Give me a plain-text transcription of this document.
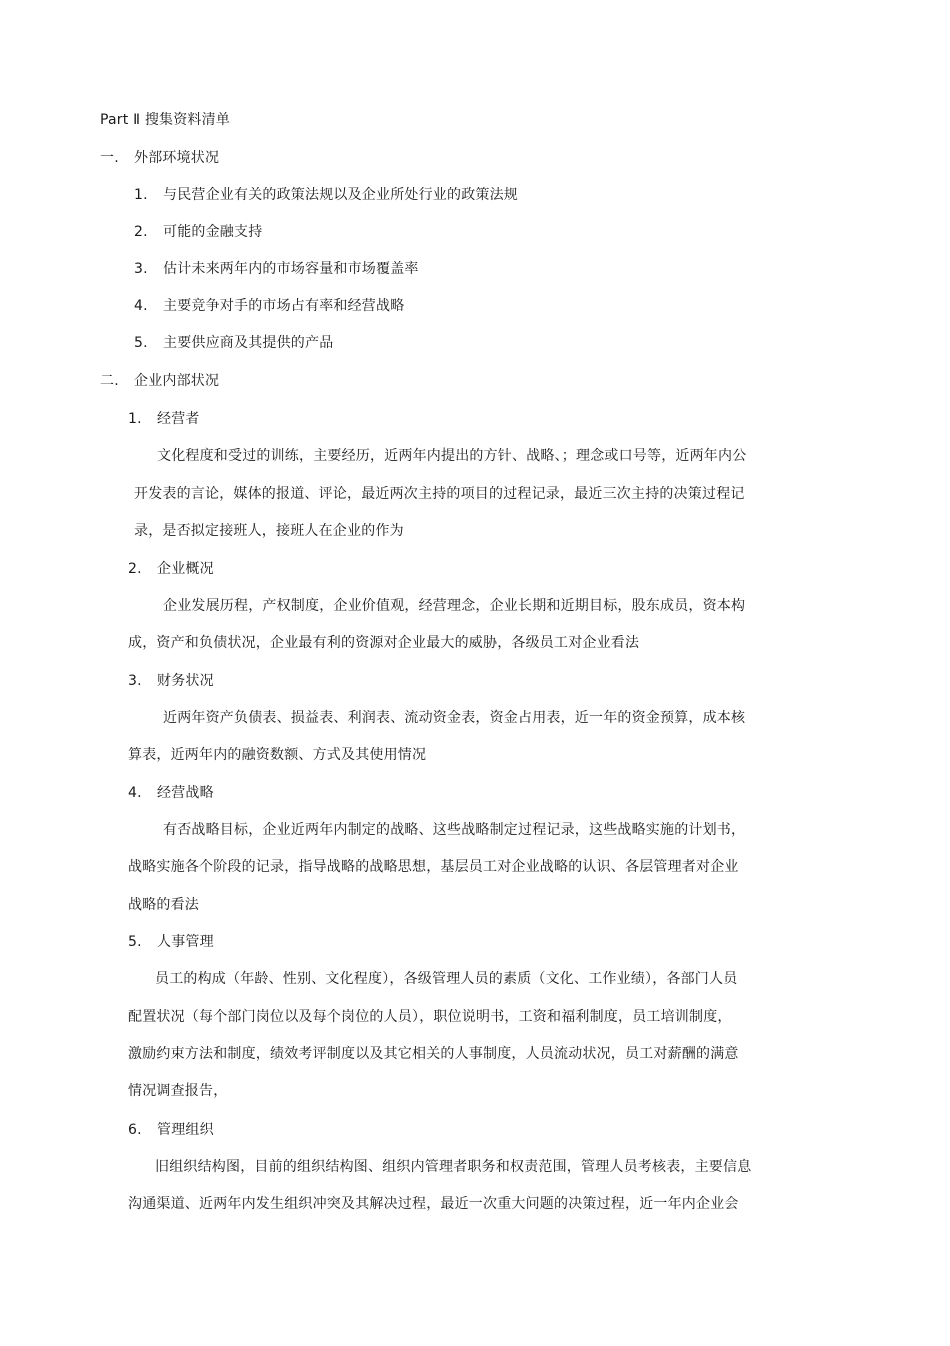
Part Ⅱ 搜集资料清单
一. 外部环境状况
1. 与民营企业有关的政策法规以及企业所处行业的政策法规
2. 可能的金融支持
3. 估计未来两年内的市场容量和市场覆盖率
4. 主要竞争对手的市场占有率和经营战略
5. 主要供应商及其提供的产品
二. 企业内部状况
1. 经营者
文化程度和受过的训练，主要经历，近两年内提出的方针、战略、；理念或口号等，近两年内公
开发表的言论，媒体的报道、评论，最近两次主持的项目的过程记录，最近三次主持的决策过程记
录，是否拟定接班人，接班人在企业的作为
2. 企业概况
企业发展历程，产权制度，企业价值观，经营理念，企业长期和近期目标，股东成员，资本构
成，资产和负债状况，企业最有利的资源对企业最大的威胁，各级员工对企业看法
3. 财务状况
近两年资产负债表、损益表、利润表、流动资金表，资金占用表，近一年的资金预算，成本核
算表，近两年内的融资数额、方式及其使用情况
4. 经营战略
有否战略目标，企业近两年内制定的战略、这些战略制定过程记录，这些战略实施的计划书，
战略实施各个阶段的记录，指导战略的战略思想，基层员工对企业战略的认识、各层管理者对企业
战略的看法
5. 人事管理
员工的构成（年龄、性别、文化程度），各级管理人员的素质（文化、工作业绩），各部门人员
配置状况（每个部门岗位以及每个岗位的人员），职位说明书，工资和福利制度，员工培训制度，
激励约束方法和制度，绩效考评制度以及其它相关的人事制度，人员流动状况，员工对薪酬的满意
情况调查报告，
6. 管理组织
旧组织结构图，目前的组织结构图、组织内管理者职务和权责范围，管理人员考核表，主要信息
沟通渠道、近两年内发生组织冲突及其解决过程，最近一次重大问题的决策过程，近一年内企业会
